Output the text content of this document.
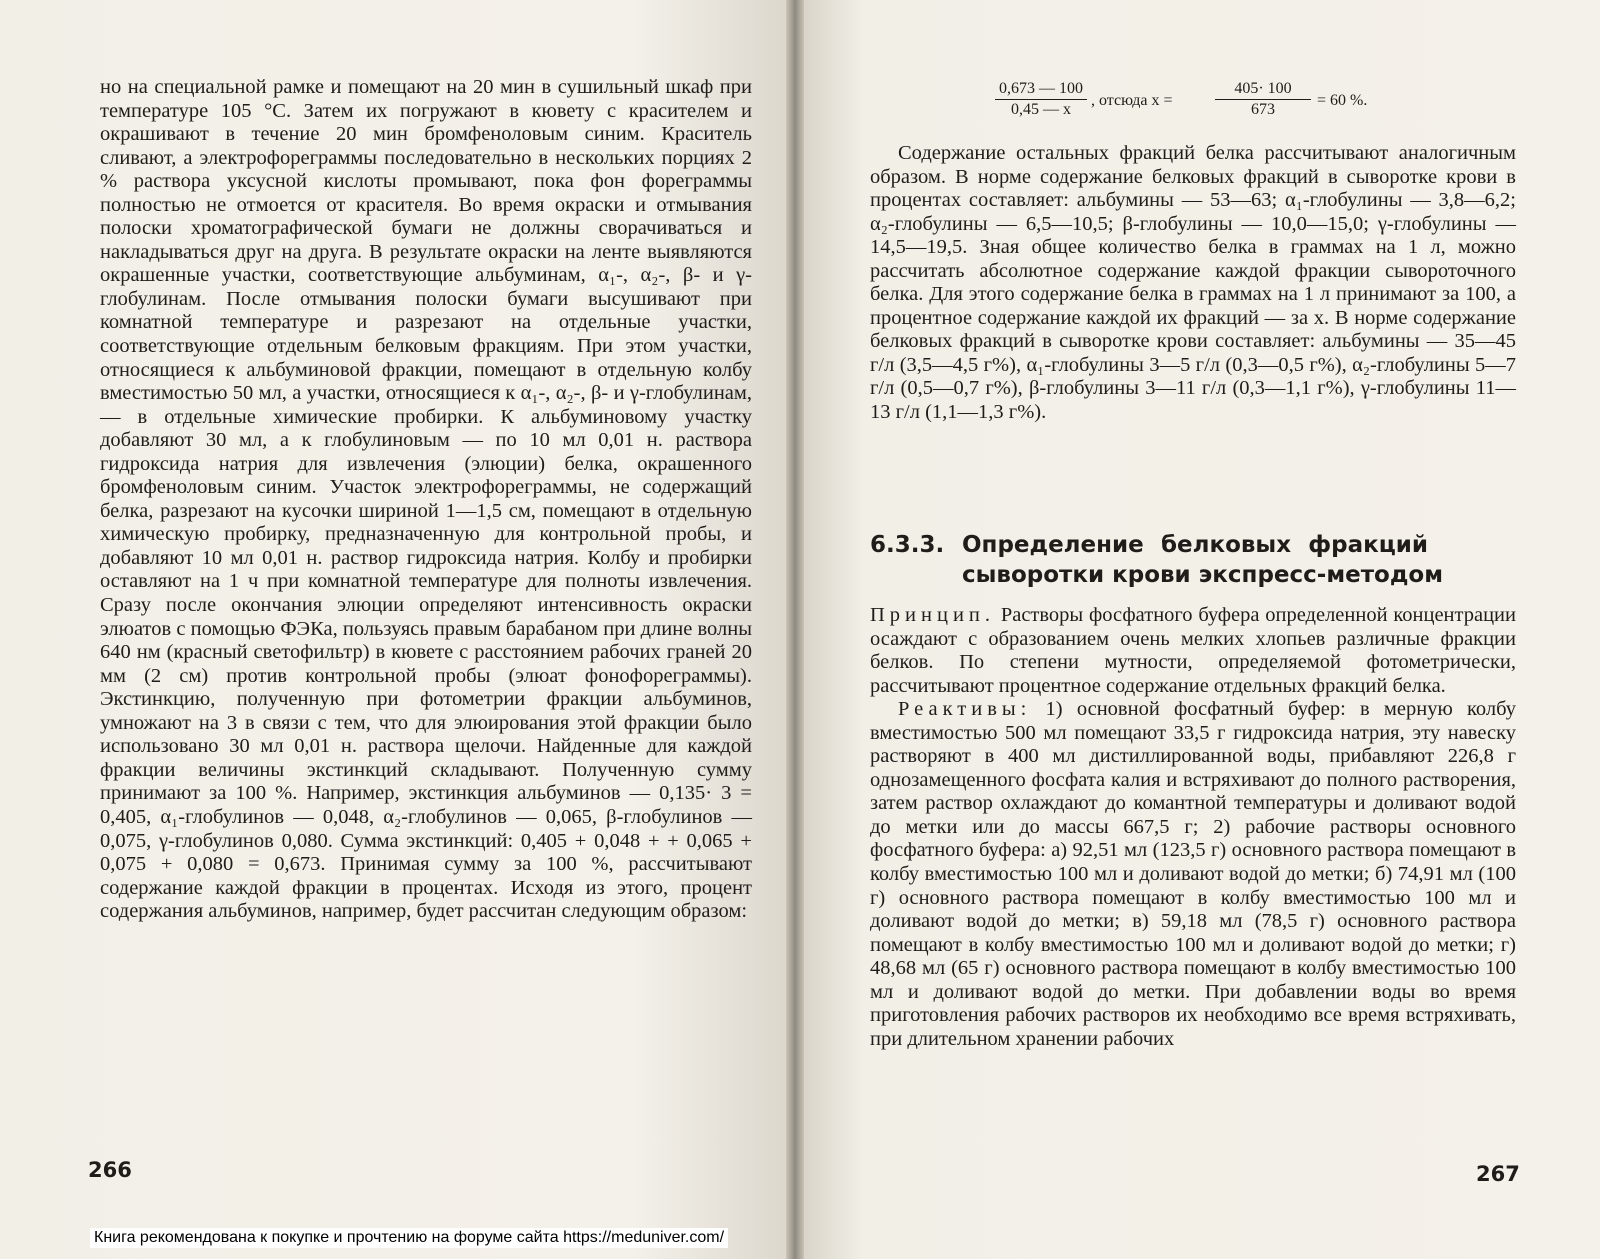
но на специальной рамке и помещают на 20 мин в сушильный шкаф при температуре 105 °С. Затем их погружают в кювету с красителем и окрашивают в течение 20 мин бромфеноловым синим. Краситель сливают, а электрофореграммы последовательно в нескольких порциях 2 % раствора уксусной кислоты промывают, пока фон фореграммы полностью не отмоется от красителя. Во время окраски и отмывания полоски хроматографической бумаги не должны сворачиваться и накладываться друг на друга. В результате окраски на ленте выявляются окрашенные участки, соответствующие альбуминам, α₁-, α₂-, β- и γ-глобулинам. После отмывания полоски бумаги высушивают при комнатной температуре и разрезают на отдельные участки, соответствующие отдельным белковым фракциям. При этом участки, относящиеся к альбуминовой фракции, помещают в отдельную колбу вместимостью 50 мл, а участки, относящиеся к α₁-, α₂-, β- и γ-глобулинам, — в отдельные химические пробирки. К альбуминовому участку добавляют 30 мл, а к глобулиновым — по 10 мл 0,01 н. раствора гидроксида натрия для извлечения (элюции) белка, окрашенного бромфеноловым синим. Участок электрофореграммы, не содержащий белка, разрезают на кусочки шириной 1—1,5 см, помещают в отдельную химическую пробирку, предназначенную для контрольной пробы, и добавляют 10 мл 0,01 н. раствор гидроксида натрия. Колбу и пробирки оставляют на 1 ч при комнатной температуре для полноты извлечения. Сразу после окончания элюции определяют интенсивность окраски элюатов с помощью ФЭКа, пользуясь правым барабаном при длине волны 640 нм (красный светофильтр) в кювете с расстоянием рабочих граней 20 мм (2 см) против контрольной пробы (элюат фонофореграммы). Экстинкцию, полученную при фотометрии фракции альбуминов, умножают на 3 в связи с тем, что для элюирования этой фракции было использовано 30 мл 0,01 н. раствора щелочи. Найденные для каждой фракции величины экстинкций складывают. Полученную сумму принимают за 100 %. Например, экстинкция альбуминов — 0,135· 3 = 0,405, α₁-глобулинов — 0,048, α₂-глобулинов — 0,065, β-глобулинов — 0,075, γ-глобулинов 0,080. Сумма экстинкций: 0,405 + 0,048 + + 0,065 + 0,075 + 0,080 = 0,673. Принимая сумму за 100 %, рассчитывают содержание каждой фракции в процентах. Исходя из этого, процент содержания альбуминов, например, будет рассчитан следующим образом:

266
0,673 — 100
0,45 — x
, отсюда x =
405· 100
673
= 60 %.

Содержание остальных фракций белка рассчитывают аналогичным образом. В норме содержание белковых фракций в сыворотке крови в процентах составляет: альбумины — 53—63; α₁-глобулины — 3,8—6,2; α₂-глобулины — 6,5—10,5; β-глобулины — 10,0—15,0; γ-глобулины — 14,5—19,5. Зная общее количество белка в граммах на 1 л, можно рассчитать абсолютное содержание каждой фракции сывороточного белка. Для этого содержание белка в граммах на 1 л принимают за 100, а процентное содержание каждой их фракций — за x. В норме содержание белковых фракций в сыворотке крови составляет: альбумины — 35—45 г/л (3,5—4,5 г%), α₁-глобулины 3—5 г/л (0,3—0,5 г%), α₂-глобулины 5—7 г/л (0,5—0,7 г%), β-глобулины 3—11 г/л (0,3—1,1 г%), γ-глобулины 11—13 г/л (1,1—1,3 г%).

6.3.3. Определение белковых фракций
сыворотки крови экспресс-методом

Принцип. Растворы фосфатного буфера определенной концентрации осаждают с образованием очень мелких хлопьев различные фракции белков. По степени мутности, определяемой фотометрически, рассчитывают процентное содержание отдельных фракций белка.

Реактивы: 1) основной фосфатный буфер: в мерную колбу вместимостью 500 мл помещают 33,5 г гидроксида натрия, эту навеску растворяют в 400 мл дистиллированной воды, прибавляют 226,8 г однозамещенного фосфата калия и встряхивают до полного растворения, затем раствор охлаждают до комантной температуры и доливают водой до метки или до массы 667,5 г; 2) рабочие растворы основного фосфатного буфера: а) 92,51 мл (123,5 г) основного раствора помещают в колбу вместимостью 100 мл и доливают водой до метки; б) 74,91 мл (100 г) основного раствора помещают в колбу вместимостью 100 мл и доливают водой до метки; в) 59,18 мл (78,5 г) основного раствора помещают в колбу вместимостью 100 мл и доливают водой до метки; г) 48,68 мл (65 г) основного раствора помещают в колбу вместимостью 100 мл и доливают водой до метки. При добавлении воды во время приготовления рабочих растворов их необходимо все время встряхивать, при длительном хранении рабочих

267
Книга рекомендована к покупке и прочтению на форуме сайта https://meduniver.com/
